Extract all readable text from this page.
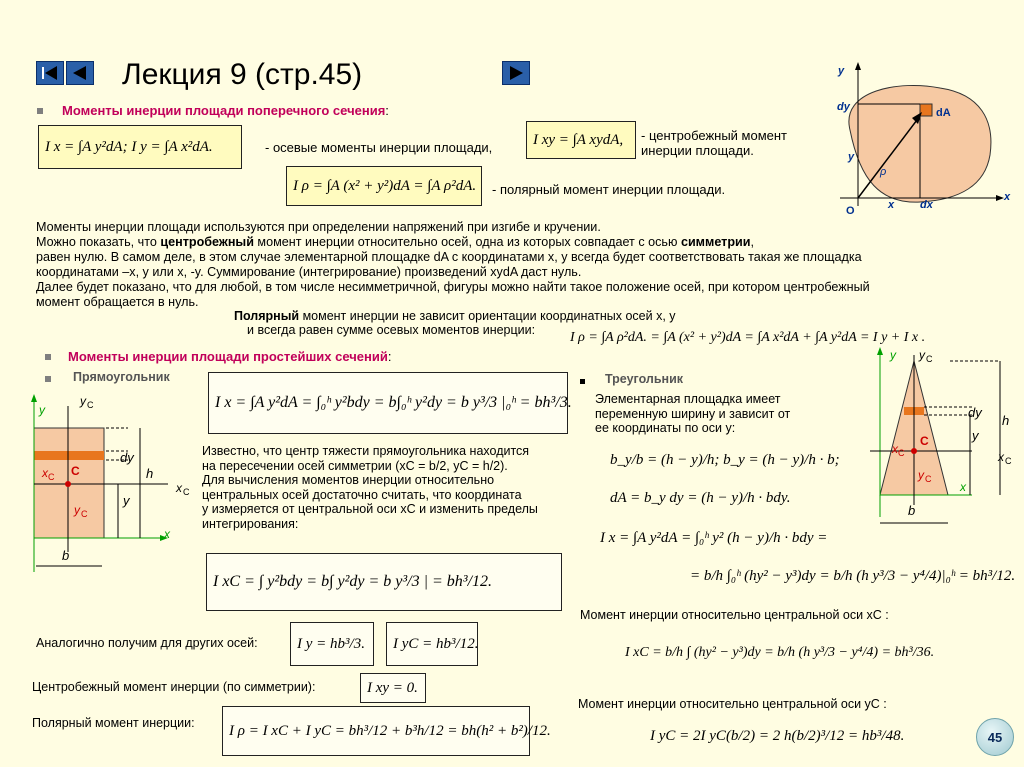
Лекция 9 (стр.45)
Моменты инерции площади поперечного сечения:
I x = ∫A y²dA; I y = ∫A x²dA.	- осевые моменты инерции площади,	I xy = ∫A xydA,	- центробежный момент инерции площади.
I ρ = ∫A (x² + y²)dA = ∫A ρ²dA.	- полярный момент инерции площади.
Моменты инерции площади используются при определении напряжений при изгибе и кручении.
Можно показать, что центробежный момент инерции относительно осей, одна из которых совпадает с осью симметрии,
равен нулю. В самом деле, в этом случае элементарной площадке dA с координатами x, y всегда будет соответствовать такая же площадка
координатами –x, y или x, -y. Суммирование (интегрирование) произведений xydA даст нуль.
Далее будет показано, что для любой, в том числе несимметричной, фигуры можно найти такое положение осей, при котором центробежный
момент обращается в нуль.
Полярный момент инерции не зависит ориентации координатных осей x, y
и всегда равен сумме осевых моментов инерции: I ρ = ∫A ρ²dA. = ∫A (x² + y²)dA = ∫A x²dA + ∫A y²dA = I y + I x .
Моменты инерции площади простейших сечений:
Прямоугольник
y
y C
dy
h
x C
x C C
y
y C
x
b
I x = ∫A y²dA = ∫₀ʰ y²bdy = b∫₀ʰ y²dy = b y³/3 |₀ʰ = bh³/3.
Известно, что центр тяжести прямоугольника находится
на пересечении осей симметрии (xC = b/2, yC = h/2).
Для вычисления моментов инерции относительно
центральных осей достаточно считать, что координата
y измеряется от центральной оси xC и изменить пределы
интегрирования:
I xC = ∫ y²bdy = b∫ y²dy = b y³/3 | = bh³/12.
Аналогично получим для других осей:	I y = hb³/3.	I yC = hb³/12.
Центробежный момент инерции (по симметрии):	I xy = 0.
Полярный момент инерции:	I ρ = I xC + I yC = bh³/12 + b³h/12 = bh(h² + b²)/12.
Треугольник
Элементарная площадка имеет
переменную ширину и зависит от
ее координаты по оси y:
b_y/b = (h − y)/h; b_y = (h − y)/h · b;
dA = b_y dy = (h − y)/h · bdy.
I x = ∫A y²dA = ∫₀ʰ y² (h − y)/h · bdy =
= b/h ∫₀ʰ (hy² − y³)dy = b/h (h y³/3 − y⁴/4)|₀ʰ = bh³/12.
Момент инерции относительно центральной оси xC :
I xC = b/h ∫ (hy² − y³)dy = b/h (h y³/3 − y⁴/4) = bh³/36.
Момент инерции относительно центральной оси yC :
I yC = 2I yC(b/2) = 2 h(b/2)³/12 = hb³/48.
y y C
dy
h
y
x C
C
x C
y C
x
b
y
dy	dA
y
ρ
x dx
O
x
45
